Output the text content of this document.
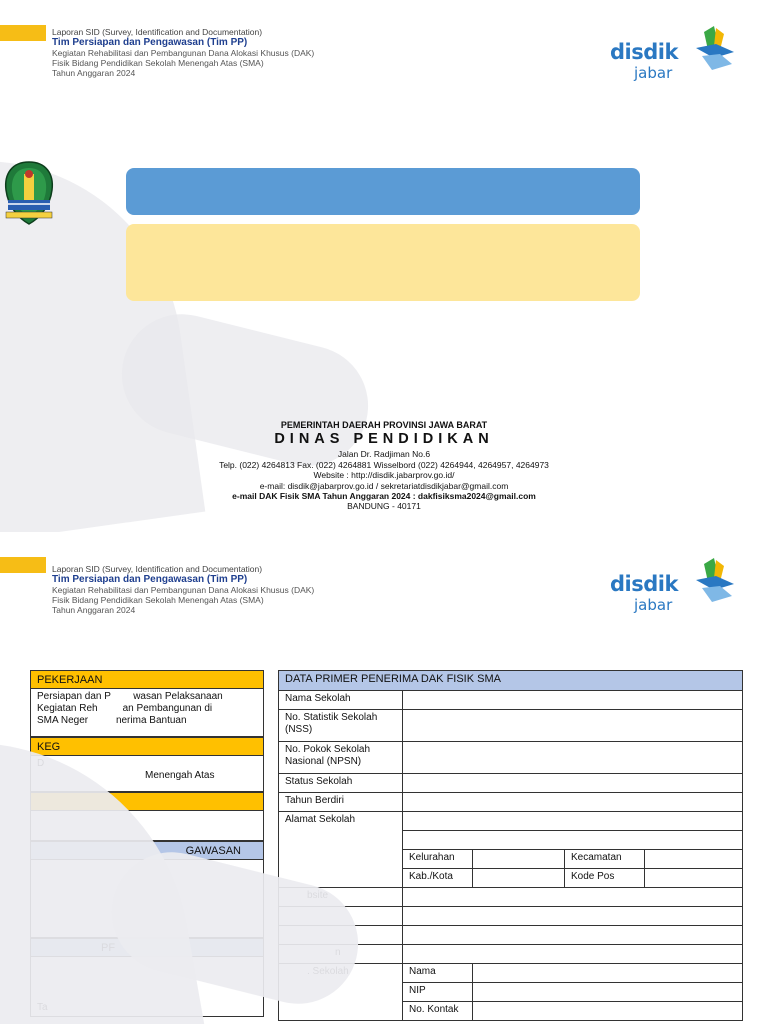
Laporan SID (Survey, Identification and Documentation)
Tim Persiapan dan Pengawasan (Tim PP)
Kegiatan Rehabilitasi dan Pembangunan Dana Alokasi Khusus (DAK)
Fisik Bidang Pendidikan Sekolah Menengah Atas (SMA)
Tahun Anggaran 2024
disdik
jabar
PEMERINTAH DAERAH PROVINSI JAWA BARAT
DINAS PENDIDIKAN
Jalan Dr. Radjiman No.6
Telp. (022) 4264813 Fax. (022) 4264881 Wisselbord (022) 4264944, 4264957, 4264973
Website : http://disdik.jabarprov.go.id/
e-mail: disdik@jabarprov.go.id / sekretariatdisdikjabar@gmail.com
e-mail DAK Fisik SMA Tahun Anggaran 2024 : dakfisiksma2024@gmail.com
BANDUNG - 40171
Laporan SID (Survey, Identification and Documentation)
Tim Persiapan dan Pengawasan (Tim PP)
Kegiatan Rehabilitasi dan Pembangunan Dana Alokasi Khusus (DAK)
Fisik Bidang Pendidikan Sekolah Menengah Atas (SMA)
Tahun Anggaran 2024
disdik
jabar
PEKERJAAN
Persiapan dan P wasan Pelaksanaan
Kegiatan Reh	an Pembangunan di
SMA Neger	nerima Bantuan
KEG
Menengah Atas
GAWASAN
DATA PRIMER PENERIMA DAK FISIK SMA				
Nama Sekolah				
No. Statistik Sekolah (NSS)				
No. Pokok Sekolah Nasional (NPSN)				
Status Sekolah				
Tahun Berdiri				
Alamat Sekolah				

	Kelurahan		Kecamatan	
	Kab./Kota		Kode Pos	

	Nama			
	NIP			
	No. Kontak			
